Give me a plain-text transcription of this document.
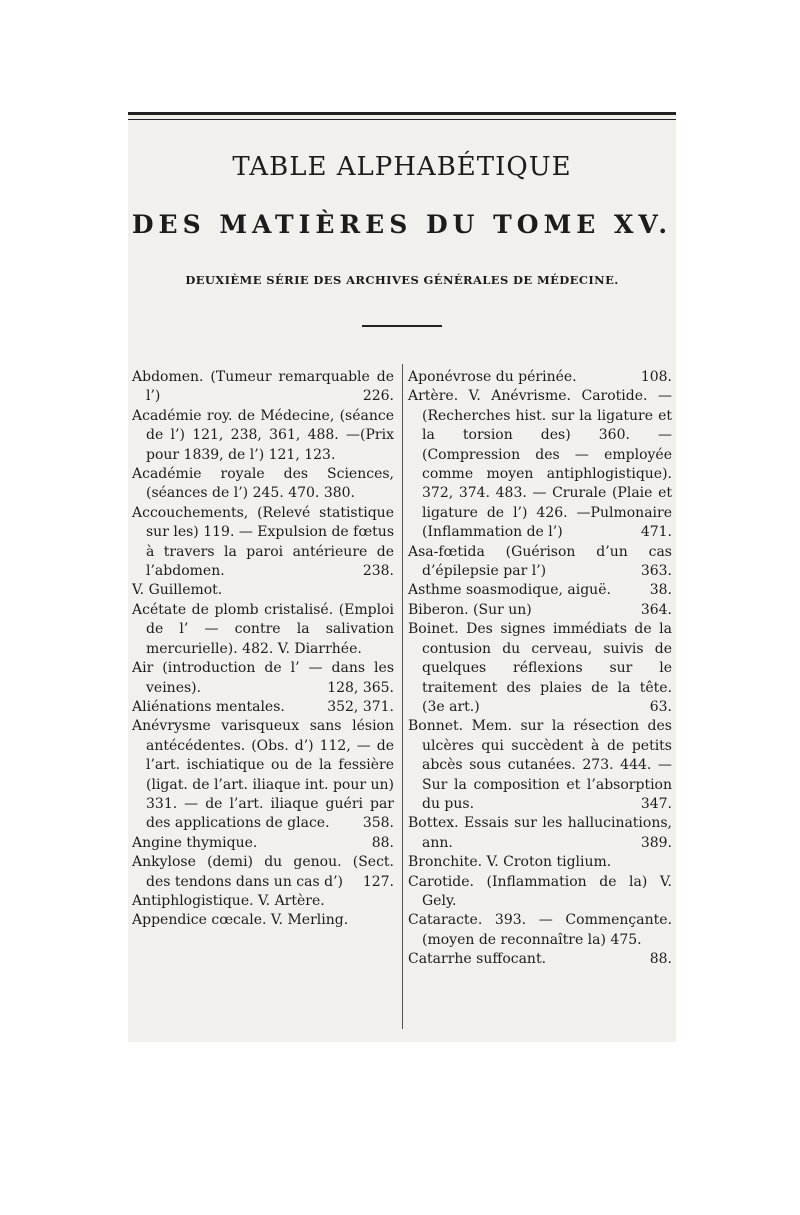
TABLE ALPHABÉTIQUE
DES MATIÈRES DU TOME XV.
DEUXIÈME SÉRIE DES ARCHIVES GÉNÉRALES DE MÉDECINE.

Abdomen. (Tumeur remarquable de l’)	226.

Académie roy. de Médecine, (séance de l’) 121, 238, 361, 488. —(Prix pour 1839, de l’) 121, 123.

Académie royale des Sciences, (séances de l’) 245. 470. 380.

Accouchements, (Relevé statistique sur les) 119. — Expulsion de fœtus à travers la paroi antérieure de l’abdomen.	238.

V. Guillemot.

Acétate de plomb cristalisé. (Emploi de l’ — contre la salivation mercurielle). 482. V. Diarrhée.

Air (introduction de l’ — dans les veines).	128, 365.

Aliénations mentales.	352, 371.

Anévrysme varisqueux sans lésion antécédentes. (Obs. d’) 112, — de l’art. ischiatique ou de la fessière (ligat. de l’art. iliaque int. pour un) 331. — de l’art. iliaque guéri par des applications de glace. 358.

Angine thymique.	88.

Ankylose (demi) du genou. (Sect. des tendons dans un cas d’) 127.

Antiphlogistique. V. Artère.

Appendice cœcale. V. Merling.

Aponévrose du périnée.	108.

Artère. V. Anévrisme. Carotide. —(Recherches hist. sur la ligature et la torsion des) 360. — (Compression des — employée comme moyen antiphlogistique). 372, 374. 483. — Crurale (Plaie et ligature de l’) 426. —Pulmonaire (Inflammation de l’)	471.

Asa-fœtida (Guérison d’un cas d’épilepsie par l’)	363.

Asthme soasmodique, aiguë.	38.

Biberon. (Sur un)	364.

Boinet. Des signes immédiats de la contusion du cerveau, suivis de quelques réflexions sur le traitement des plaies de la tête. (3e art.)	63.

Bonnet. Mem. sur la résection des ulcères qui succèdent à de petits abcès sous cutanées. 273. 444. — Sur la composition et l’absorption du pus.	347.

Bottex. Essais sur les hallucinations, ann.	389.

Bronchite. V. Croton tiglium.

Carotide. (Inflammation de la) V. Gely.

Cataracte. 393. — Commençante. (moyen de reconnaître la) 475.

Catarrhe suffocant.	88.
